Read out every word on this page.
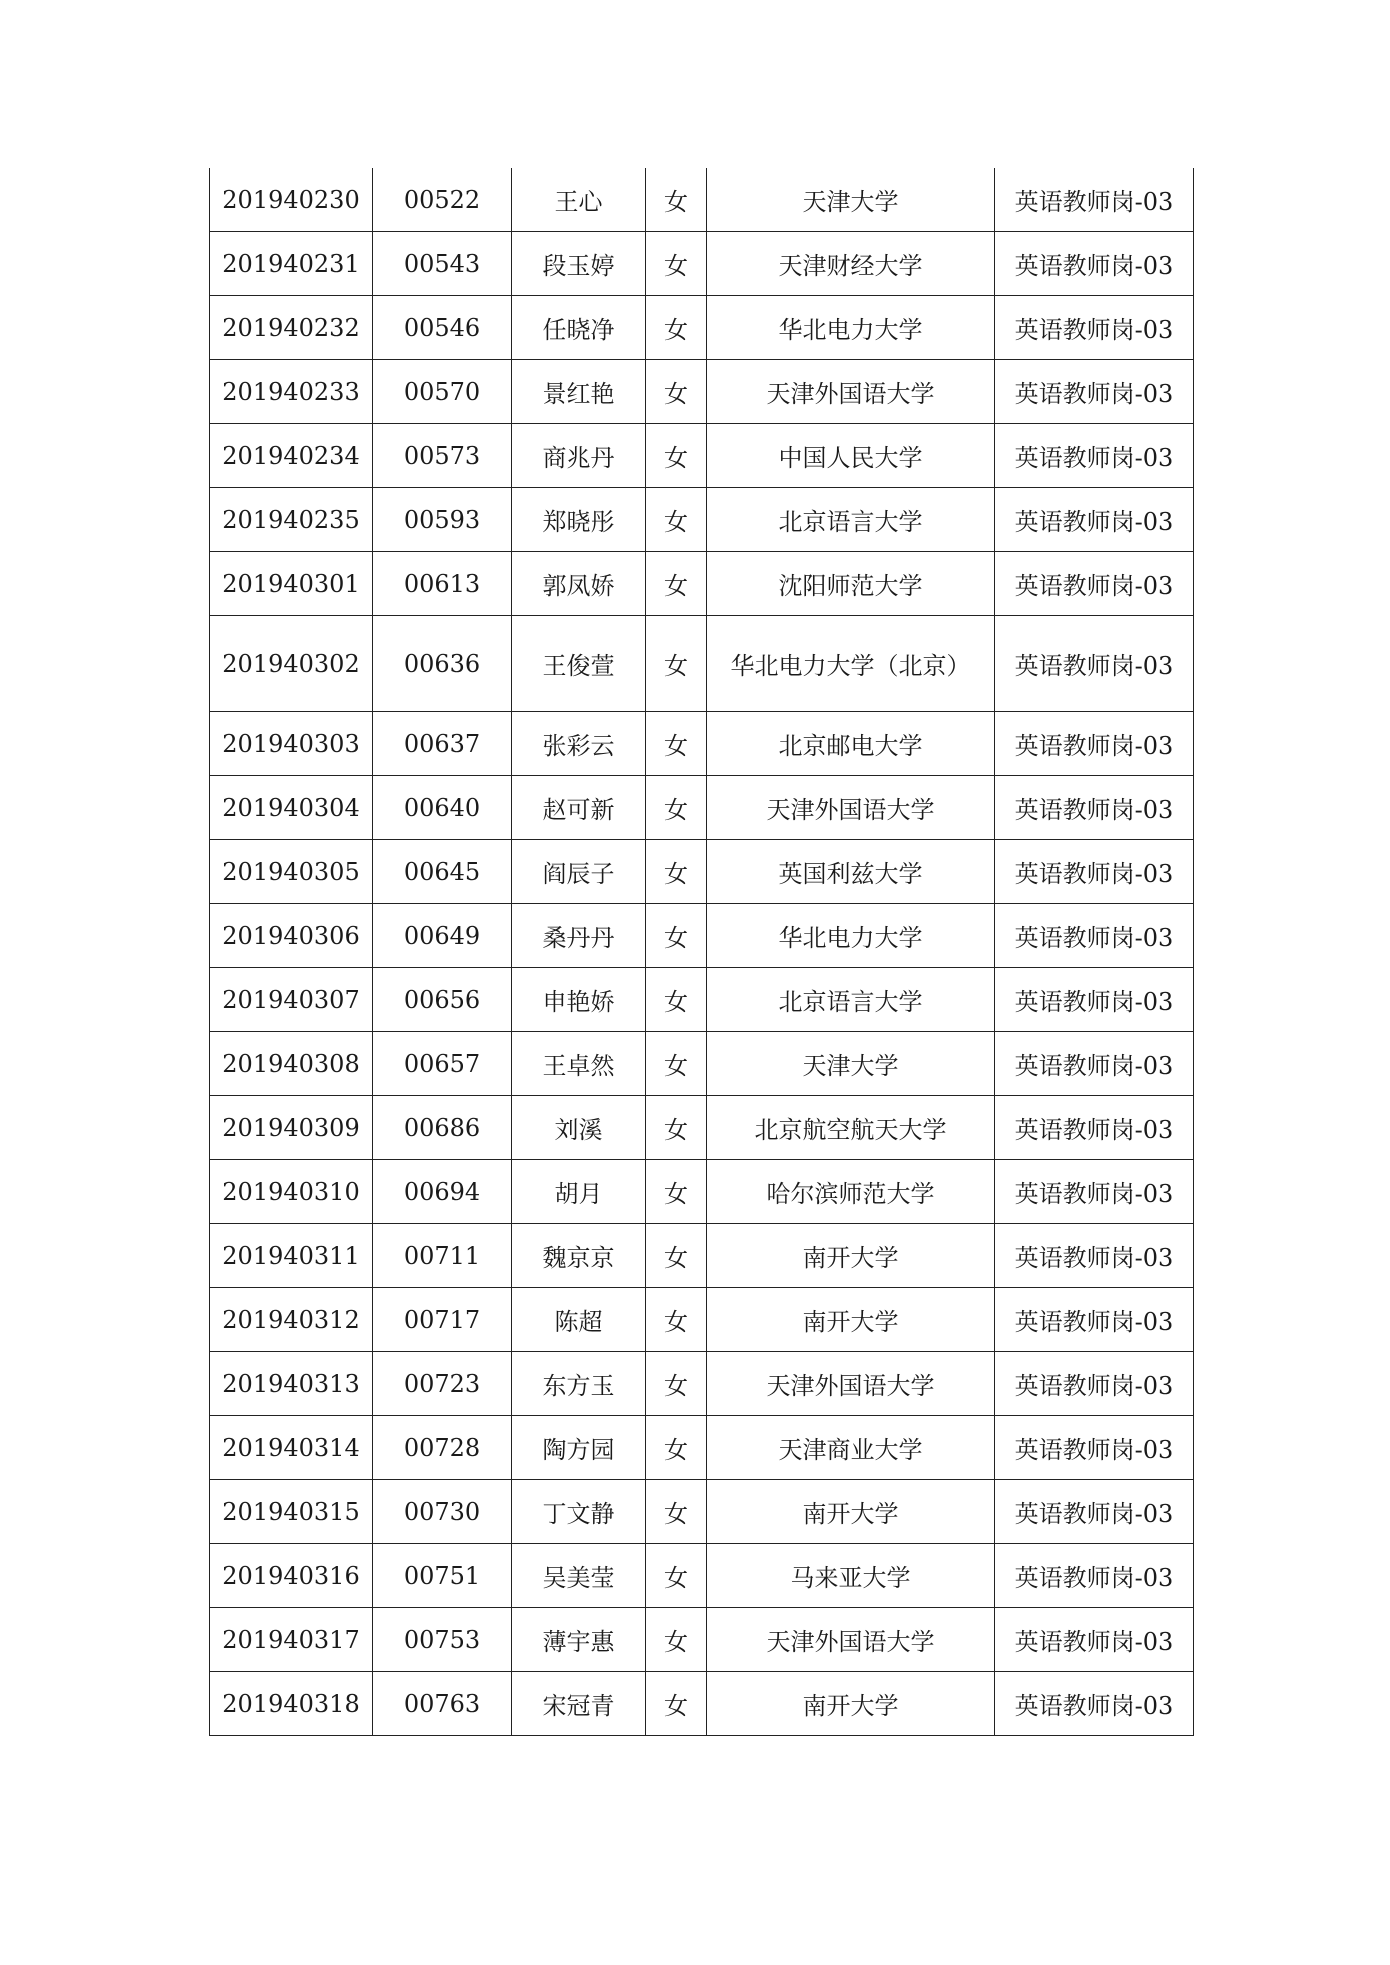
201940230	00522	王心	女	天津大学	英语教师岗-03
201940231	00543	段玉婷	女	天津财经大学	英语教师岗-03
201940232	00546	任晓净	女	华北电力大学	英语教师岗-03
201940233	00570	景红艳	女	天津外国语大学	英语教师岗-03
201940234	00573	商兆丹	女	中国人民大学	英语教师岗-03
201940235	00593	郑晓彤	女	北京语言大学	英语教师岗-03
201940301	00613	郭凤娇	女	沈阳师范大学	英语教师岗-03
201940302	00636	王俊萱	女	华北电力大学（北京）	英语教师岗-03
201940303	00637	张彩云	女	北京邮电大学	英语教师岗-03
201940304	00640	赵可新	女	天津外国语大学	英语教师岗-03
201940305	00645	阎辰子	女	英国利兹大学	英语教师岗-03
201940306	00649	桑丹丹	女	华北电力大学	英语教师岗-03
201940307	00656	申艳娇	女	北京语言大学	英语教师岗-03
201940308	00657	王卓然	女	天津大学	英语教师岗-03
201940309	00686	刘溪	女	北京航空航天大学	英语教师岗-03
201940310	00694	胡月	女	哈尔滨师范大学	英语教师岗-03
201940311	00711	魏京京	女	南开大学	英语教师岗-03
201940312	00717	陈超	女	南开大学	英语教师岗-03
201940313	00723	东方玉	女	天津外国语大学	英语教师岗-03
201940314	00728	陶方园	女	天津商业大学	英语教师岗-03
201940315	00730	丁文静	女	南开大学	英语教师岗-03
201940316	00751	吴美莹	女	马来亚大学	英语教师岗-03
201940317	00753	薄宇惠	女	天津外国语大学	英语教师岗-03
201940318	00763	宋冠青	女	南开大学	英语教师岗-03
